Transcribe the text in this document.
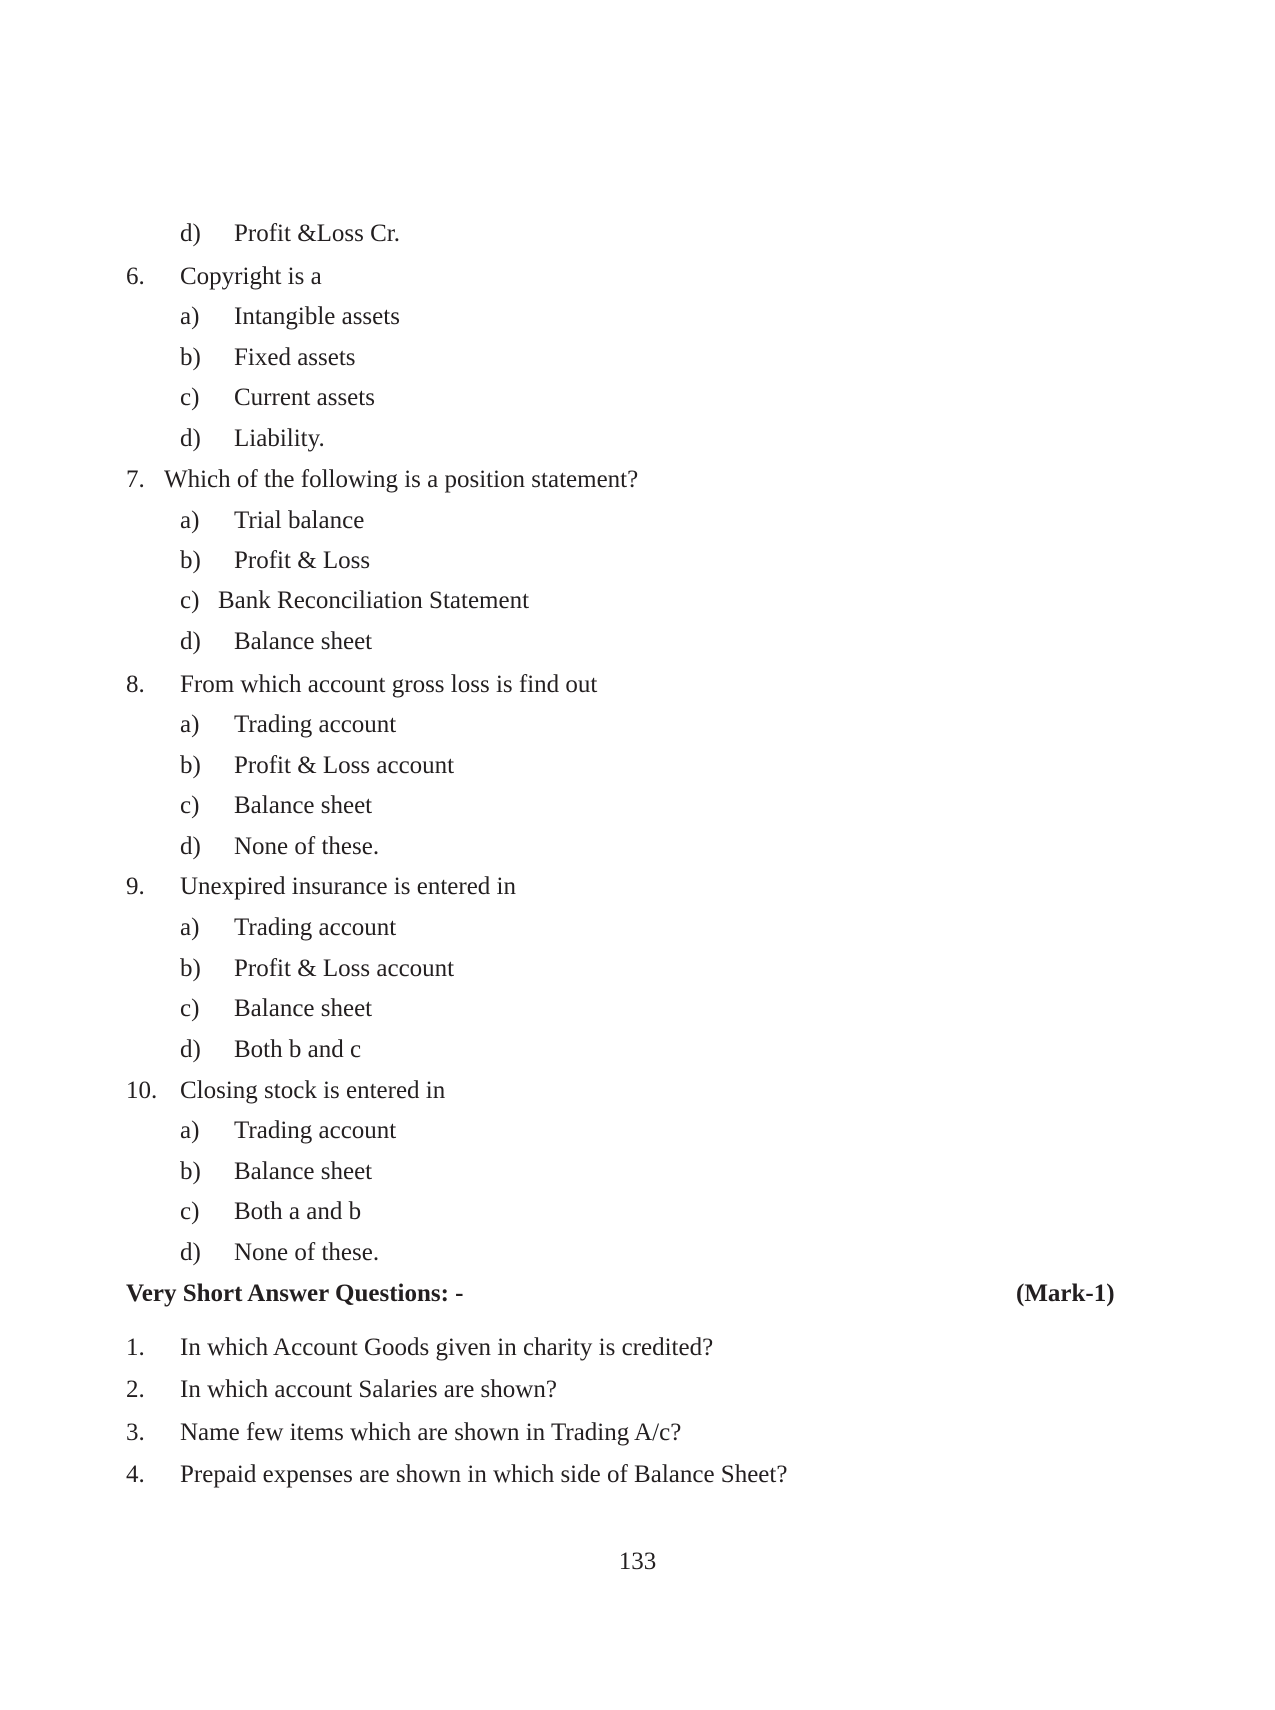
d) Profit &Loss Cr.
6. Copyright is a
a) Intangible assets
b) Fixed assets
c) Current assets
d) Liability.
7. Which of the following is a position statement?
a) Trial balance
b) Profit & Loss
c) Bank Reconciliation Statement
d) Balance sheet
8. From which account gross loss is find out
a) Trading account
b) Profit & Loss account
c) Balance sheet
d) None of these.
9. Unexpired insurance is entered in
a) Trading account
b) Profit & Loss account
c) Balance sheet
d) Both b and c
10. Closing stock is entered in
a) Trading account
b) Balance sheet
c) Both a and b
d) None of these.
Very Short Answer Questions: -	(Mark-1)
1. In which Account Goods given in charity is credited?
2. In which account Salaries are shown?
3. Name few items which are shown in Trading A/c?
4. Prepaid expenses are shown in which side of Balance Sheet?
133
